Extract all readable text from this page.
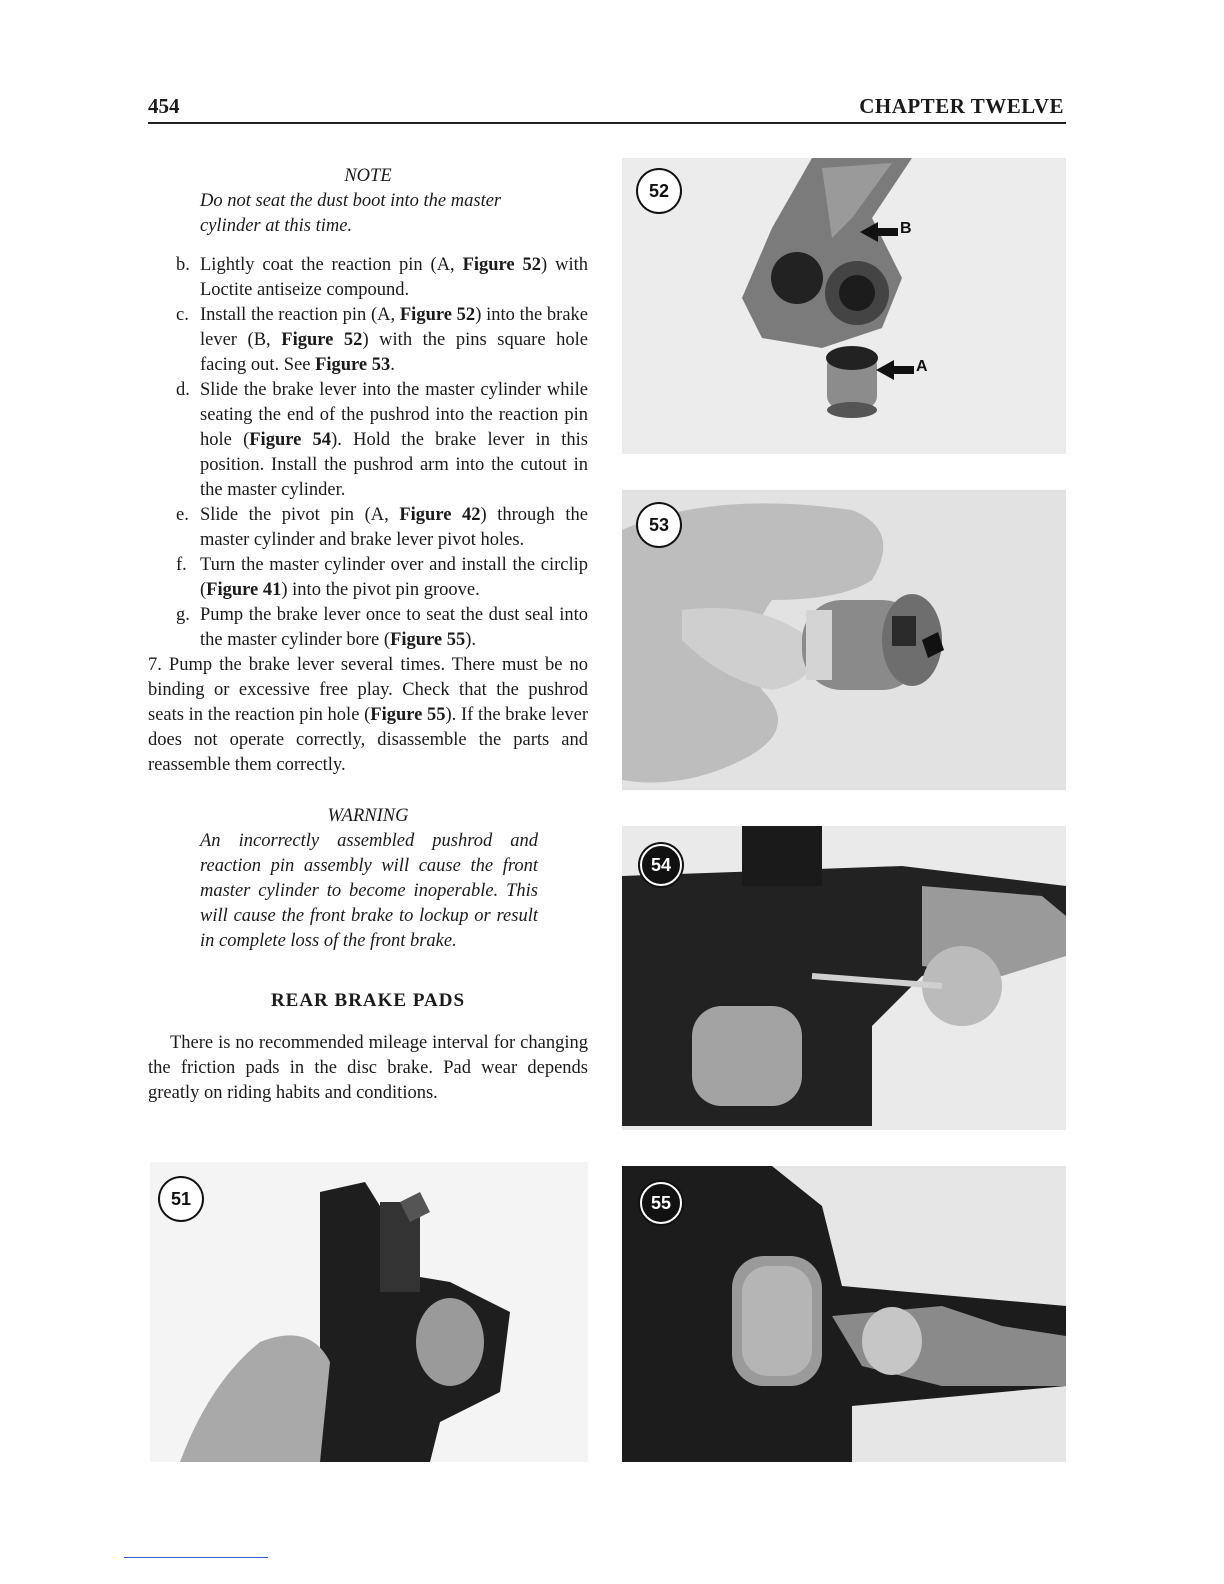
454	CHAPTER TWELVE
NOTE
Do not seat the dust boot into the master cylinder at this time.
b. Lightly coat the reaction pin (A, Figure 52) with Loctite antiseize compound.
c. Install the reaction pin (A, Figure 52) into the brake lever (B, Figure 52) with the pins square hole facing out. See Figure 53.
d. Slide the brake lever into the master cylinder while seating the end of the pushrod into the reaction pin hole (Figure 54). Hold the brake lever in this position. Install the pushrod arm into the cutout in the master cylinder.
e. Slide the pivot pin (A, Figure 42) through the master cylinder and brake lever pivot holes.
f. Turn the master cylinder over and install the circlip (Figure 41) into the pivot pin groove.
g. Pump the brake lever once to seat the dust seal into the master cylinder bore (Figure 55).
7. Pump the brake lever several times. There must be no binding or excessive free play. Check that the pushrod seats in the reaction pin hole (Figure 55). If the brake lever does not operate correctly, disassemble the parts and reassemble them correctly.
WARNING
An incorrectly assembled pushrod and reaction pin assembly will cause the front master cylinder to become inoperable. This will cause the front brake to lockup or result in complete loss of the front brake.
REAR BRAKE PADS
There is no recommended mileage interval for changing the friction pads in the disc brake. Pad wear depends greatly on riding habits and conditions.
52
B
A
53
54
55
51
